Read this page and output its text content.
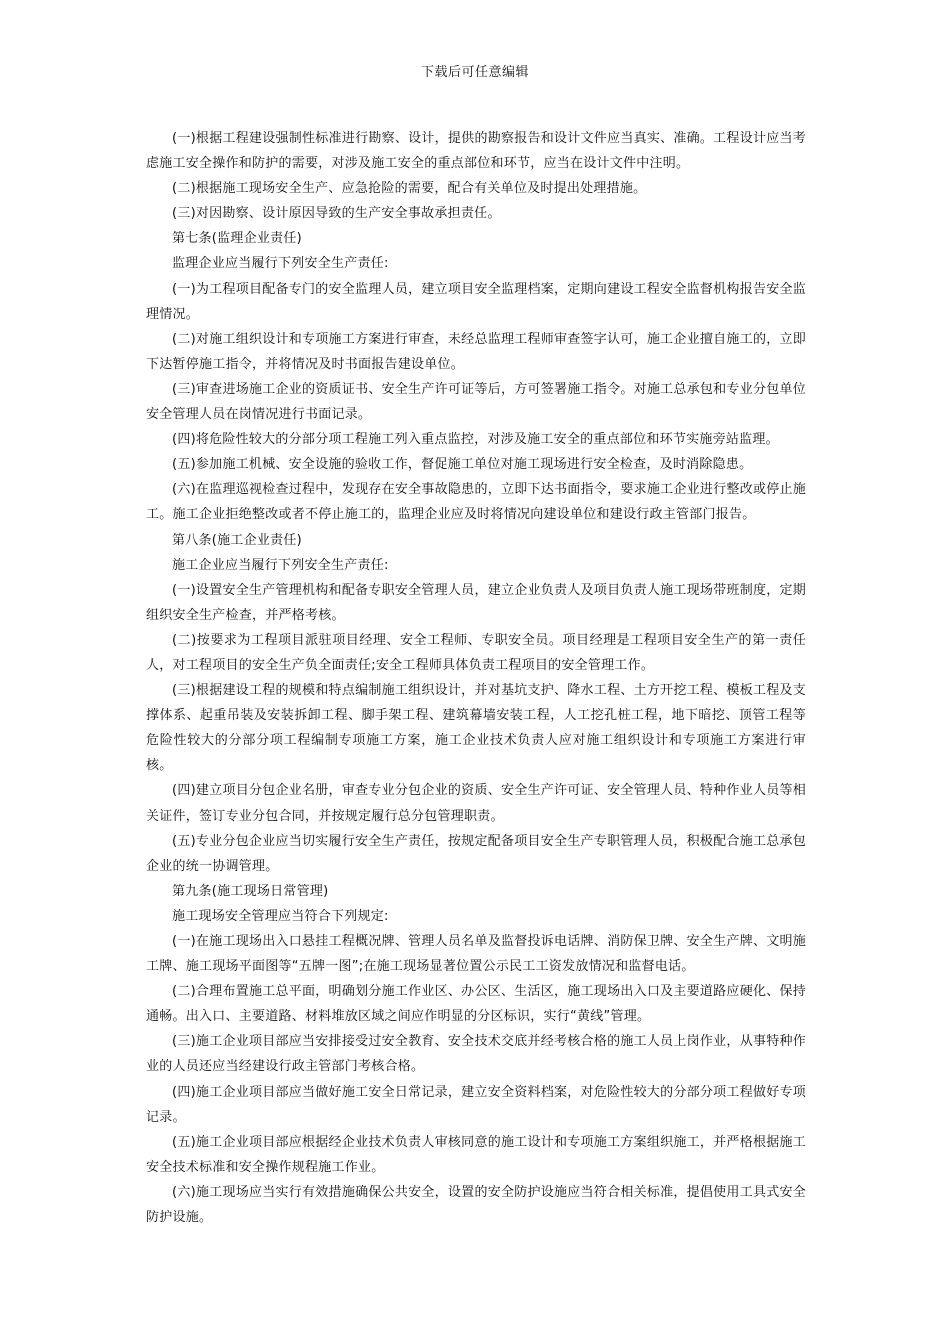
下载后可任意编辑

(一)根据工程建设强制性标准进行勘察、设计，提供的勘察报告和设计文件应当真实、准确。工程设计应当考虑施工安全操作和防护的需要，对涉及施工安全的重点部位和环节，应当在设计文件中注明。

(二)根据施工现场安全生产、应急抢险的需要，配合有关单位及时提出处理措施。

(三)对因勘察、设计原因导致的生产安全事故承担责任。

第七条(监理企业责任)

监理企业应当履行下列安全生产责任:

(一)为工程项目配备专门的安全监理人员，建立项目安全监理档案，定期向建设工程安全监督机构报告安全监理情况。

(二)对施工组织设计和专项施工方案进行审查，未经总监理工程师审查签字认可，施工企业擅自施工的，立即下达暂停施工指令，并将情况及时书面报告建设单位。

(三)审查进场施工企业的资质证书、安全生产许可证等后，方可签署施工指令。对施工总承包和专业分包单位安全管理人员在岗情况进行书面记录。

(四)将危险性较大的分部分项工程施工列入重点监控，对涉及施工安全的重点部位和环节实施旁站监理。

(五)参加施工机械、安全设施的验收工作，督促施工单位对施工现场进行安全检查，及时消除隐患。

(六)在监理巡视检查过程中，发现存在安全事故隐患的，立即下达书面指令，要求施工企业进行整改或停止施工。施工企业拒绝整改或者不停止施工的，监理企业应及时将情况向建设单位和建设行政主管部门报告。

第八条(施工企业责任)

施工企业应当履行下列安全生产责任:

(一)设置安全生产管理机构和配备专职安全管理人员，建立企业负责人及项目负责人施工现场带班制度，定期组织安全生产检查，并严格考核。

(二)按要求为工程项目派驻项目经理、安全工程师、专职安全员。项目经理是工程项目安全生产的第一责任人，对工程项目的安全生产负全面责任;安全工程师具体负责工程项目的安全管理工作。

(三)根据建设工程的规模和特点编制施工组织设计，并对基坑支护、降水工程、土方开挖工程、模板工程及支撑体系、起重吊装及安装拆卸工程、脚手架工程、建筑幕墙安装工程，人工挖孔桩工程，地下暗挖、顶管工程等危险性较大的分部分项工程编制专项施工方案，施工企业技术负责人应对施工组织设计和专项施工方案进行审核。

(四)建立项目分包企业名册，审查专业分包企业的资质、安全生产许可证、安全管理人员、特种作业人员等相关证件，签订专业分包合同，并按规定履行总分包管理职责。

(五)专业分包企业应当切实履行安全生产责任，按规定配备项目安全生产专职管理人员，积极配合施工总承包企业的统一协调管理。

第九条(施工现场日常管理)

施工现场安全管理应当符合下列规定:

(一)在施工现场出入口悬挂工程概况牌、管理人员名单及监督投诉电话牌、消防保卫牌、安全生产牌、文明施工牌、施工现场平面图等“五牌一图”;在施工现场显著位置公示民工工资发放情况和监督电话。

(二)合理布置施工总平面，明确划分施工作业区、办公区、生活区，施工现场出入口及主要道路应硬化、保持通畅。出入口、主要道路、材料堆放区域之间应作明显的分区标识，实行“黄线”管理。

(三)施工企业项目部应当安排接受过安全教育、安全技术交底并经考核合格的施工人员上岗作业，从事特种作业的人员还应当经建设行政主管部门考核合格。

(四)施工企业项目部应当做好施工安全日常记录，建立安全资料档案，对危险性较大的分部分项工程做好专项记录。

(五)施工企业项目部应根据经企业技术负责人审核同意的施工设计和专项施工方案组织施工，并严格根据施工安全技术标准和安全操作规程施工作业。

(六)施工现场应当实行有效措施确保公共安全，设置的安全防护设施应当符合相关标准，提倡使用工具式安全防护设施。
